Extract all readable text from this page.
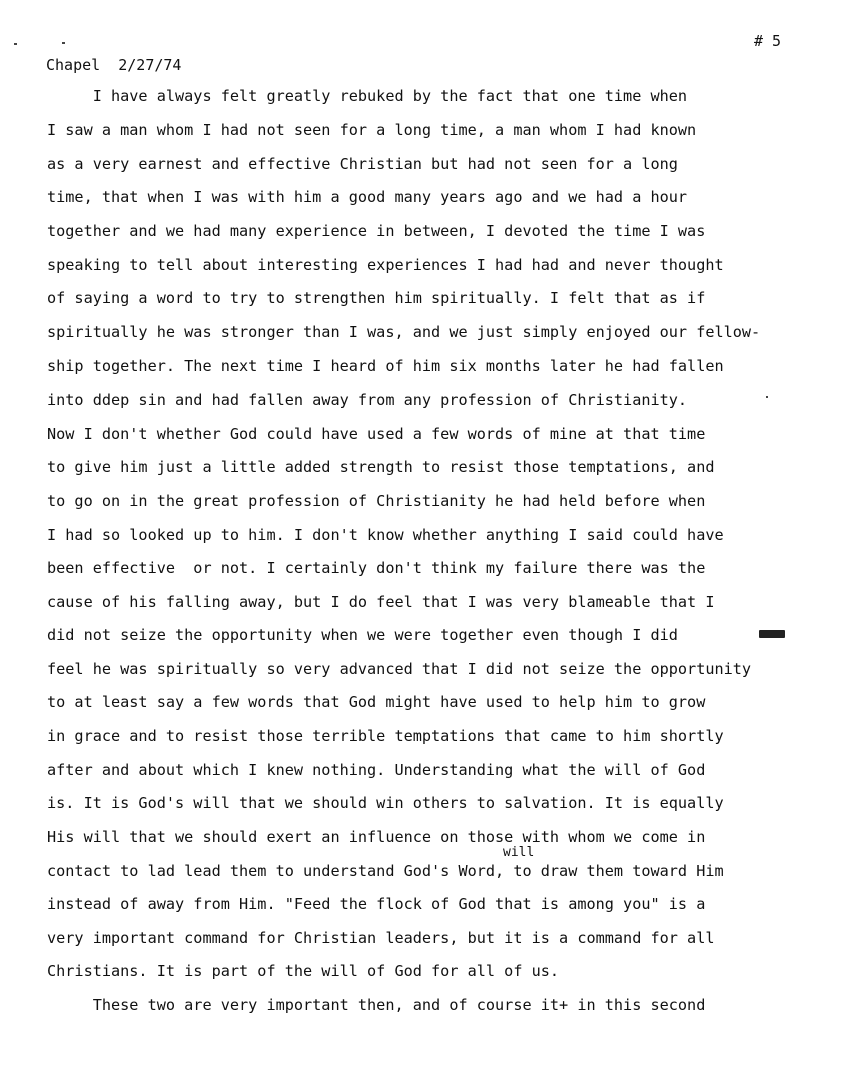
# 5
Chapel 2/27/74
I have always felt greatly rebuked by the fact that one time when
I saw a man whom I had not seen for a long time, a man whom I had known
as a very earnest and effective Christian but had not seen for a long
time, that when I was with him a good many years ago and we had a hour
together and we had many experience in between, I devoted the time I was
speaking to tell about interesting experiences I had had and never thought
of saying a word to try to strengthen him spiritually. I felt that as if
spiritually he was stronger than I was, and we just simply enjoyed our fellow-
ship together. The next time I heard of him six months later he had fallen
into ddep sin and had fallen away from any profession of Christianity.
Now I don't whether God could have used a few words of mine at that time
to give him just a little added strength to resist those temptations, and
to go on in the great profession of Christianity he had held before when
I had so looked up to him. I don't know whether anything I said could have
been effective  or not. I certainly don't think my failure there was the
cause of his falling away, but I do feel that I was very blameable that I
did not seize the opportunity when we were together even though I did
feel he was spiritually so very advanced that I did not seize the opportunity
to at least say a few words that God might have used to help him to grow
in grace and to resist those terrible temptations that came to him shortly
after and about which I knew nothing. Understanding what the will of God
is. It is God's will that we should win others to salvation. It is equally
His will that we should exert an influence on those with whom we come in
contact to lad lead them to understand God's Word, to draw them toward Him
instead of away from Him. "Feed the flock of God that is among you" is a
very important command for Christian leaders, but it is a command for all
Christians. It is part of the will of God for all of us.
These two are very important then, and of course it+ in this second
will
